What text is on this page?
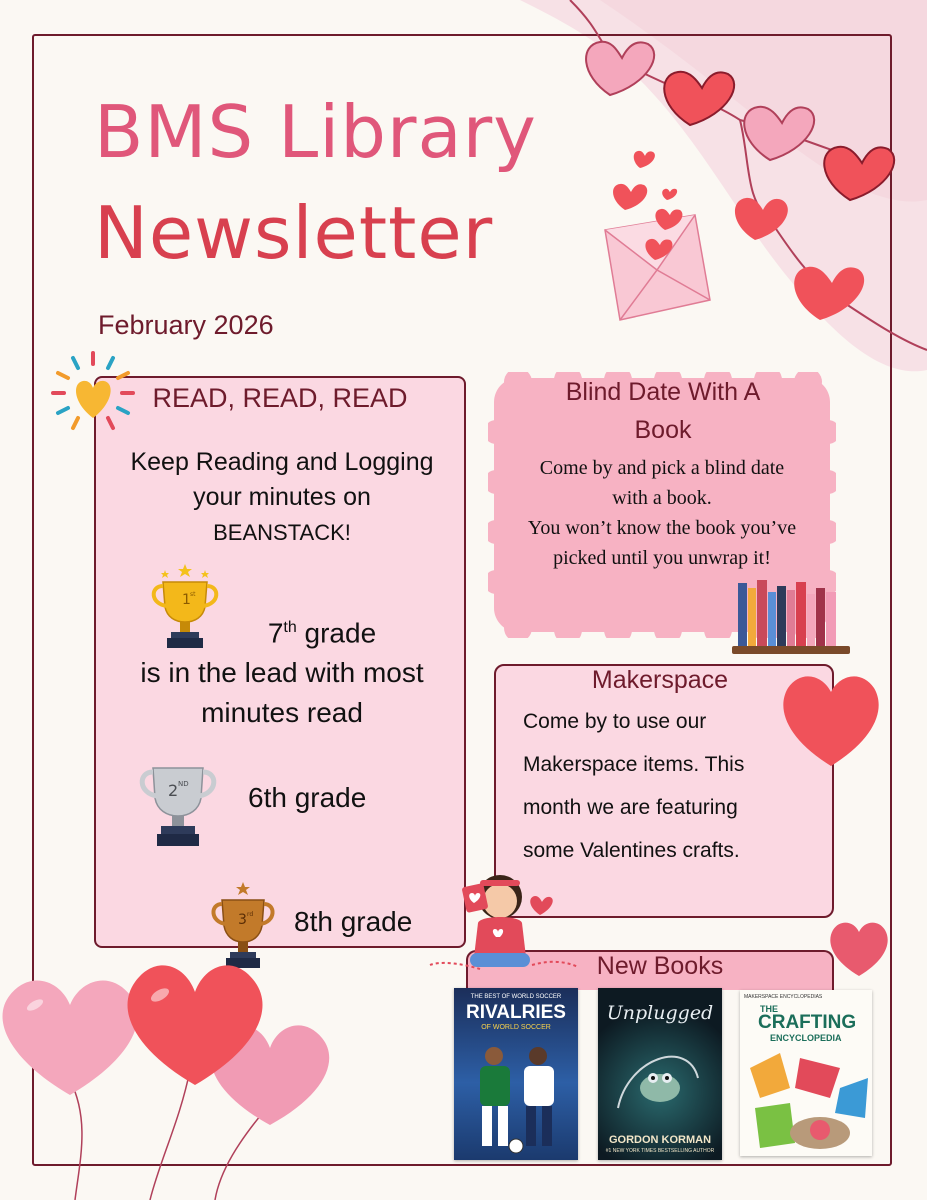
BMS Library
Newsletter
February 2026
READ, READ, READ
Keep Reading and Logging
your minutes on
BEANSTACK!
1 st
7th grade
is in the lead with most
minutes read
2 ND 6th grade
3 rd 8th grade
Blind Date With A
Book
Come by and pick a blind date
with a book.
You won’t know the book you’ve
picked until you unwrap it!
Makerspace
Come by to use our
Makerspace items. This
month we are featuring
some Valentines crafts.
New Books
THE BEST OF WORLD SOCCER
RIVALRIES
OF WORLD SOCCER
Unplugged
GORDON KORMAN
#1 NEW YORK TIMES BESTSELLING AUTHOR
MAKERSPACE ENCYCLOPEDIAS
THE
CRAFTING
ENCYCLOPEDIA
